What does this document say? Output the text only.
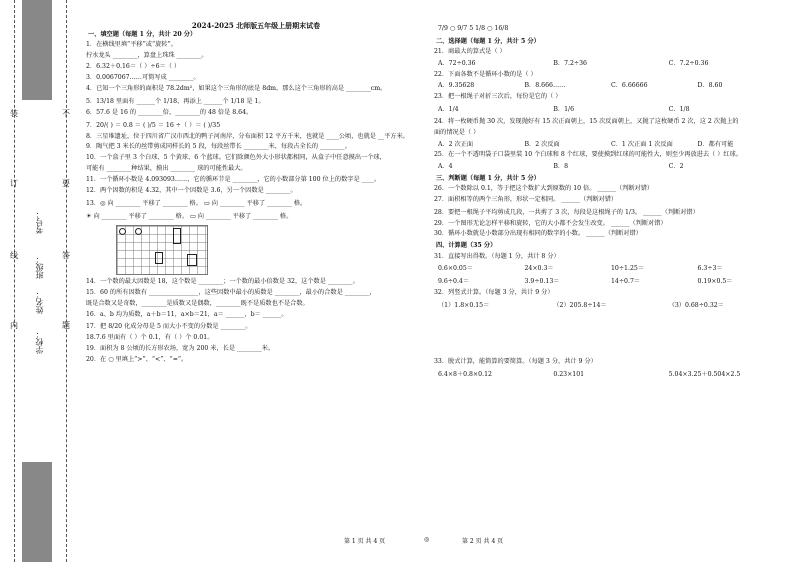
装
订
线
内
不
要
答
题
学校：
姓名：
班级：
考号：
2024-2025 北师版五年级上册期末试卷
一、填空题（每题 1 分，共计 20 分）
1．在横线里填“平移”或“旋转”。
拧水龙头 ________，算盘上珠珠 ________。
2．6.32＋0.16＝（ ）÷6＝（ ）
3．0.0067067……可简写成 ________。
4．已知一个三角形的面积是 78.2dm²，如果这个三角形的底是 8dm，那么这个三角形的高是 ________cm。
5．13/18 里面有 ______个 1/18，再添上 ______个 1/18 是 1。
6．57.6 是 16 的 ________倍，________的 48 倍是 8.64。
7．20/( ) ＝ 0.8 ＝ ( )/5 ＝ 16 ÷（ ）＝ ( )/35
8．三星堆遗址，位于四川省广汉市西北的鸭子河南岸，分布面积 12 平方千米，也就是 ____公顷，也就是 __平方米。
9．陶气把 3 米长的丝带剪成同样长的 5 段，每段丝带长 ________米，每段占全长的 ________。
10．一个盒子里 3 个白球、5 个黄球、6 个蓝球。它们除颜色外大小形状都相同，从盒子中任意摸出一个球，
可能有 ________种结果，摸出 ________ 球的可能性最大。
11．一个循环小数是 4.093093……，它的循环节是 ________，它的小数部分第 100 位上的数字是 ____。
12．两个因数的积是 4.32，其中一个因数是 3.6，另一个因数是 ________。
13．◎ 向 ________ 平移了 ________ 格。 ▭ 向 ________ 平移了 ________ 格。
☀ 向 ________ 平移了 ________ 格。 ▭ 向 ________ 平移了 ________ 格。
14．一个数的最大因数是 18，这个数是 ________；一个数的最小倍数是 32，这个数是 ________。
15．60 的所有因数有 ________________，这些因数中最小的质数是 ________，最小的合数是 ________，
既是合数又是奇数，________是质数又是偶数，________既不是质数也不是合数。
16．a、b 均为质数，a＋b＝11，a×b＝21，a＝ ______，b＝ ______。
17．把 8/20 化成分母是 5 而大小不变的分数是 ________。
18.7.6 里面有（ ）个 0.1，有（ ）个 0.01。
19．面积为 8 公顷的长方形农场，宽为 200 米，长是 ________米。
20．在 ○ 里填上“>”、“<”、“=”。
7/9 ○ 9/7 5 1/8 ○ 16/8
二、选择题（每题 1 分，共计 5 分）
21．商最大的算式是（ ）
A．72÷0.36	B．7.2÷36	C．7.2÷0.36
22．下面各数不是循环小数的是（ ）
A．9.35628	B．8.666……	C．6.66666	D．8.60
23．把一根绳子对折三次后，每份是它的（ ）
A．1/4	B．1/6	C．1/8
24．将一枚硬币抛 30 次，发现抛好有 15 次正面朝上，15 次反面朝上，又抛了这枚硬币 2 次，这 2 次抛上的
面的情况是（ ）
A．2 次正面	B．2 次反面	C．1 次正面 1 次反面	D．都有可能
25．在一个不透明袋子口袋里装 10 个白球和 8 个红球，要使摸到红球的可能性大，则至少再放进去（ ）红球。
A．4	B．8	C．2
三、判断题（每题 1 分，共计 5 分）
26．一个数除以 0.1，等于把这个数扩大到原数的 10 倍。 ______（判断对错）
27．面积相等的两个三角形，形状一定相同。 ______（判断对错）
28．要把一根绳子平均剪成几段，一共剪了 3 次，每段是这根绳子的 1/3。 ______（判断对错）
29．一个图形无论怎样平移和旋转，它的大小都不会发生改变。 ______（判断对错）
30．循环小数就是小数部分出现有相同的数字的小数。 ______（判断对错）
四、计算题（35 分）
31．直接写出得数。（每题 1 分，共计 8 分）
0.6×0.05＝	24×0.3＝	10÷1.25＝	6.3÷3＝
9.6÷0.4＝	3.9÷0.13＝	14÷0.7＝	0.19×0.5＝
32．列竖式计算。（每题 3 分，共计 9 分）
（1）1.8×0.15＝	（2）205.8÷14＝	（3）0.68÷0.32＝
33．脱式计算，能简算的要简算。（每题 3 分，共计 9 分）
6.4×8＋0.8×0.12	0.23×101	5.04×3.25＋0.504×2.5
第 1 页 共 4 页	◎	第 2 页 共 4 页
